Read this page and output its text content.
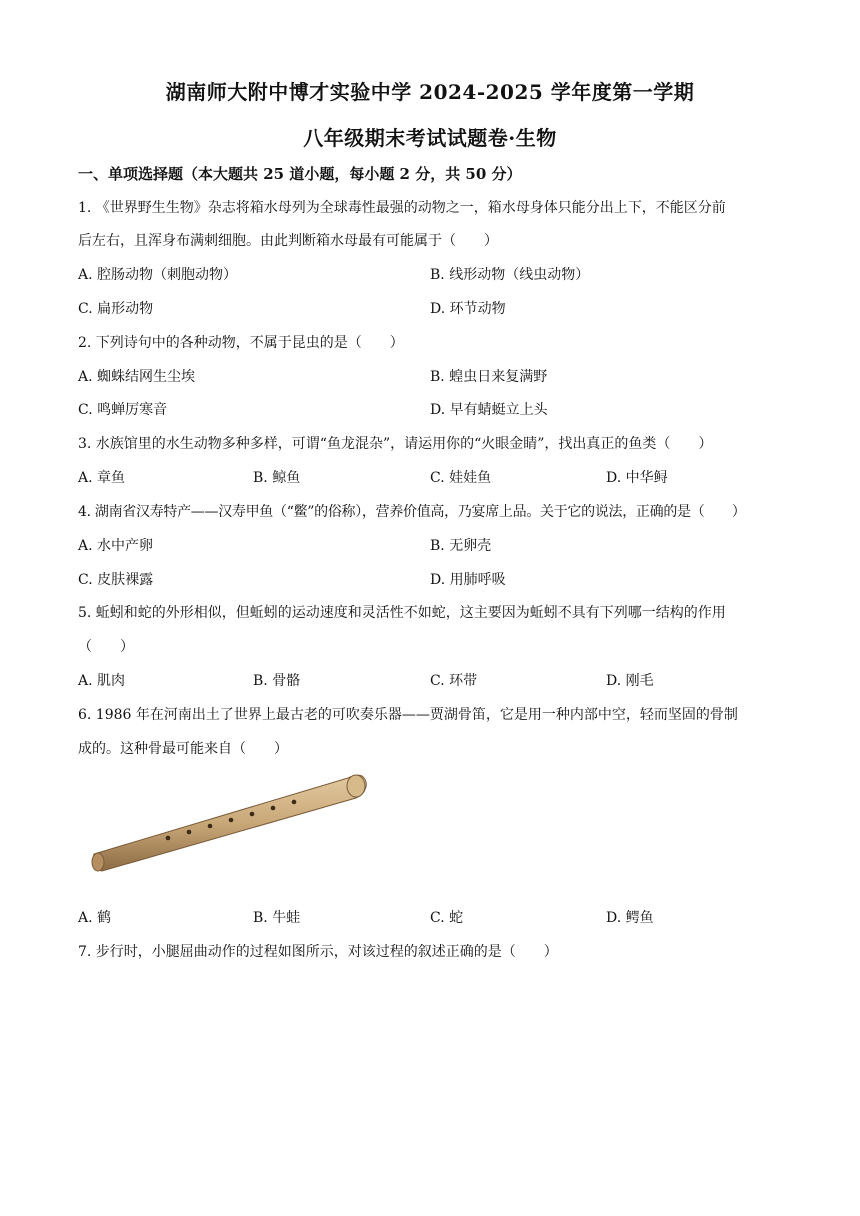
湖南师大附中博才实验中学 2024-2025 学年度第一学期
八年级期末考试试题卷·生物
一、单项选择题（本大题共 25 道小题，每小题 2 分，共 50 分）
1. 《世界野生生物》杂志将箱水母列为全球毒性最强的动物之一，箱水母身体只能分出上下，不能区分前
后左右，且浑身布满刺细胞。由此判断箱水母最有可能属于（　　）
A. 腔肠动物（刺胞动物）	B. 线形动物（线虫动物）
C. 扁形动物	D. 环节动物
2. 下列诗句中的各种动物，不属于昆虫的是（　　）
A. 蜘蛛结网生尘埃	B. 蝗虫日来复满野
C. 鸣蝉厉寒音	D. 早有蜻蜓立上头
3. 水族馆里的水生动物多种多样，可谓“鱼龙混杂”，请运用你的“火眼金睛”，找出真正的鱼类（　　）
A. 章鱼	B. 鲸鱼	C. 娃娃鱼	D. 中华鲟
4. 湖南省汉寿特产——汉寿甲鱼（“鳖”的俗称），营养价值高，乃宴席上品。关于它的说法，正确的是（　　）
A. 水中产卵	B. 无卵壳
C. 皮肤裸露	D. 用肺呼吸
5. 蚯蚓和蛇的外形相似，但蚯蚓的运动速度和灵活性不如蛇，这主要因为蚯蚓不具有下列哪一结构的作用
（　　）
A. 肌肉	B. 骨骼	C. 环带	D. 刚毛
6. 1986 年在河南出土了世界上最古老的可吹奏乐器——贾湖骨笛，它是用一种内部中空，轻而坚固的骨制
成的。这种骨最可能来自（　　）
A. 鹤	B. 牛蛙	C. 蛇	D. 鳄鱼
7. 步行时，小腿屈曲动作的过程如图所示，对该过程的叙述正确的是（　　）
